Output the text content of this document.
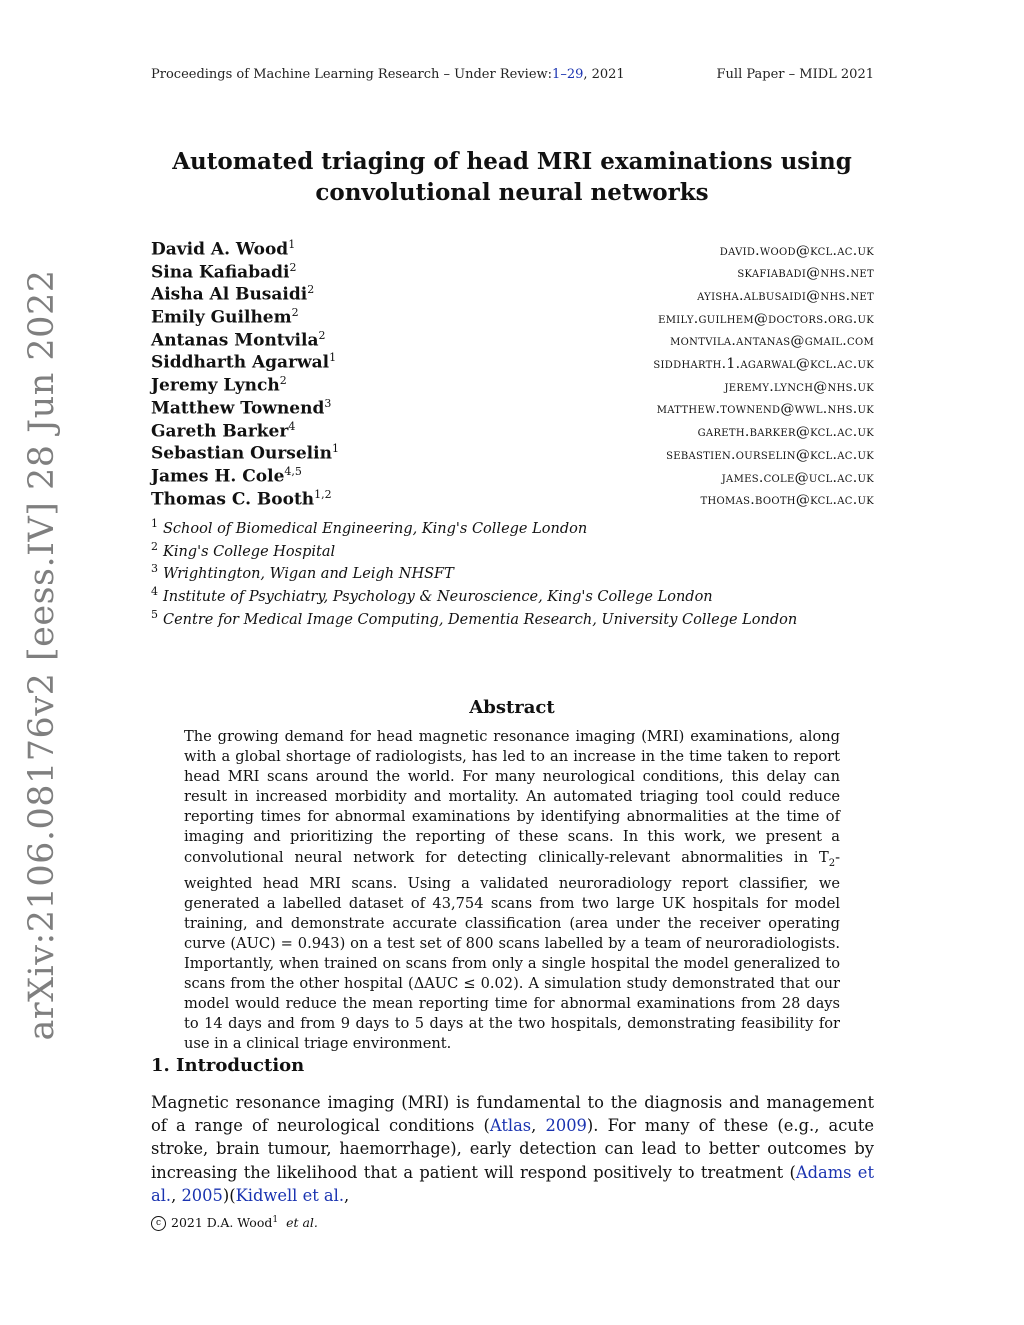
Proceedings of Machine Learning Research – Under Review:1–29, 2021	Full Paper – MIDL 2021
arXiv:2106.08176v2 [eess.IV] 28 Jun 2022
Automated triaging of head MRI examinations using
convolutional neural networks
David A. Wood$^1$	david.wood@kcl.ac.uk
Sina Kafiabadi$^2$	skafiabadi@nhs.net
Aisha Al Busaidi$^2$	ayisha.albusaidi@nhs.net
Emily Guilhem$^2$	emily.guilhem@doctors.org.uk
Antanas Montvila$^2$	montvila.antanas@gmail.com
Siddharth Agarwal$^1$	siddharth.1.agarwal@kcl.ac.uk
Jeremy Lynch$^2$	jeremy.lynch@nhs.uk
Matthew Townend$^3$	matthew.townend@wwl.nhs.uk
Gareth Barker$^4$	gareth.barker@kcl.ac.uk
Sebastian Ourselin$^1$	sebastien.ourselin@kcl.ac.uk
James H. Cole$^{4,5}$	james.cole@ucl.ac.uk
Thomas C. Booth$^{1,2}$	thomas.booth@kcl.ac.uk
$^1$ School of Biomedical Engineering, King's College London
$^2$ King's College Hospital
$^3$ Wrightington, Wigan and Leigh NHSFT
$^4$ Institute of Psychiatry, Psychology & Neuroscience, King's College London
$^5$ Centre for Medical Image Computing, Dementia Research, University College London
Abstract
The growing demand for head magnetic resonance imaging (MRI) examinations, along with a global shortage of radiologists, has led to an increase in the time taken to report head MRI scans around the world. For many neurological conditions, this delay can result in increased morbidity and mortality. An automated triaging tool could reduce reporting times for abnormal examinations by identifying abnormalities at the time of imaging and prioritizing the reporting of these scans. In this work, we present a convolutional neural network for detecting clinically-relevant abnormalities in $T_2$-weighted head MRI scans. Using a validated neuroradiology report classifier, we generated a labelled dataset of 43,754 scans from two large UK hospitals for model training, and demonstrate accurate classification (area under the receiver operating curve (AUC) = 0.943) on a test set of 800 scans labelled by a team of neuroradiologists. Importantly, when trained on scans from only a single hospital the model generalized to scans from the other hospital (ΔAUC ≤ 0.02). A simulation study demonstrated that our model would reduce the mean reporting time for abnormal examinations from 28 days to 14 days and from 9 days to 5 days at the two hospitals, demonstrating feasibility for use in a clinical triage environment.
1. Introduction
Magnetic resonance imaging (MRI) is fundamental to the diagnosis and management of a range of neurological conditions (Atlas, 2009). For many of these (e.g., acute stroke, brain tumour, haemorrhage), early detection can lead to better outcomes by increasing the likelihood that a patient will respond positively to treatment (Adams et al., 2005)(Kidwell et al.,
c 2021 D.A. Wood$^1$ et al.
